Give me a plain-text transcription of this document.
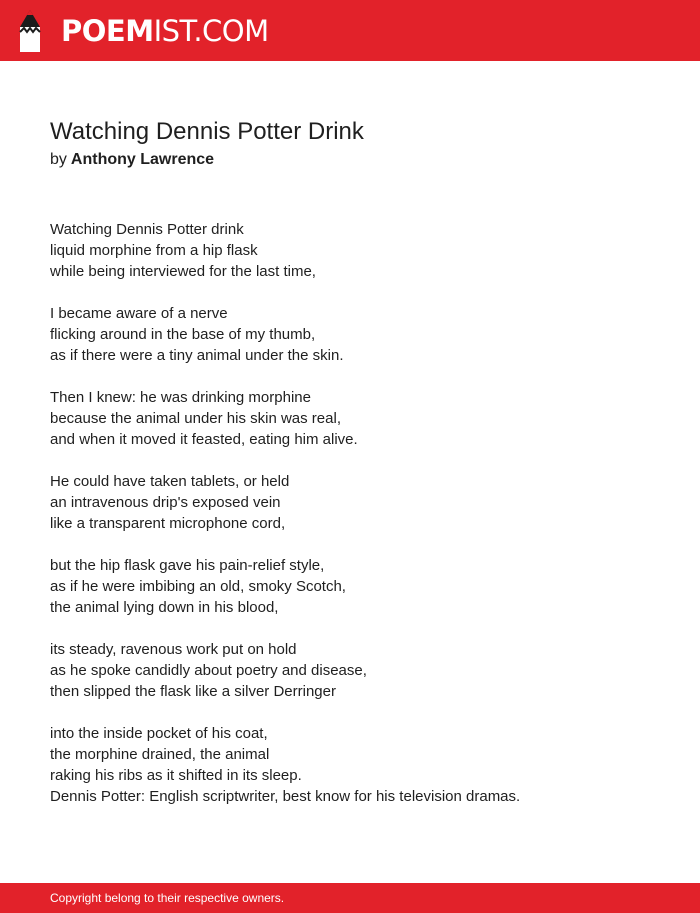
POEMIST.COM
Watching Dennis Potter Drink

by Anthony Lawrence

Watching Dennis Potter drink
liquid morphine from a hip flask
while being interviewed for the last time,
I became aware of a nerve
flicking around in the base of my thumb,
as if there were a tiny animal under the skin.
Then I knew: he was drinking morphine
because the animal under his skin was real,
and when it moved it feasted, eating him alive.
He could have taken tablets, or held
an intravenous drip's exposed vein
like a transparent microphone cord,
but the hip flask gave his pain-relief style,
as if he were imbibing an old, smoky Scotch,
the animal lying down in his blood,
its steady, ravenous work put on hold
as he spoke candidly about poetry and disease,
then slipped the flask like a silver Derringer
into the inside pocket of his coat,
the morphine drained, the animal
raking his ribs as it shifted in its sleep.
Dennis Potter: English scriptwriter, best know for his television dramas.
Copyright belong to their respective owners.
